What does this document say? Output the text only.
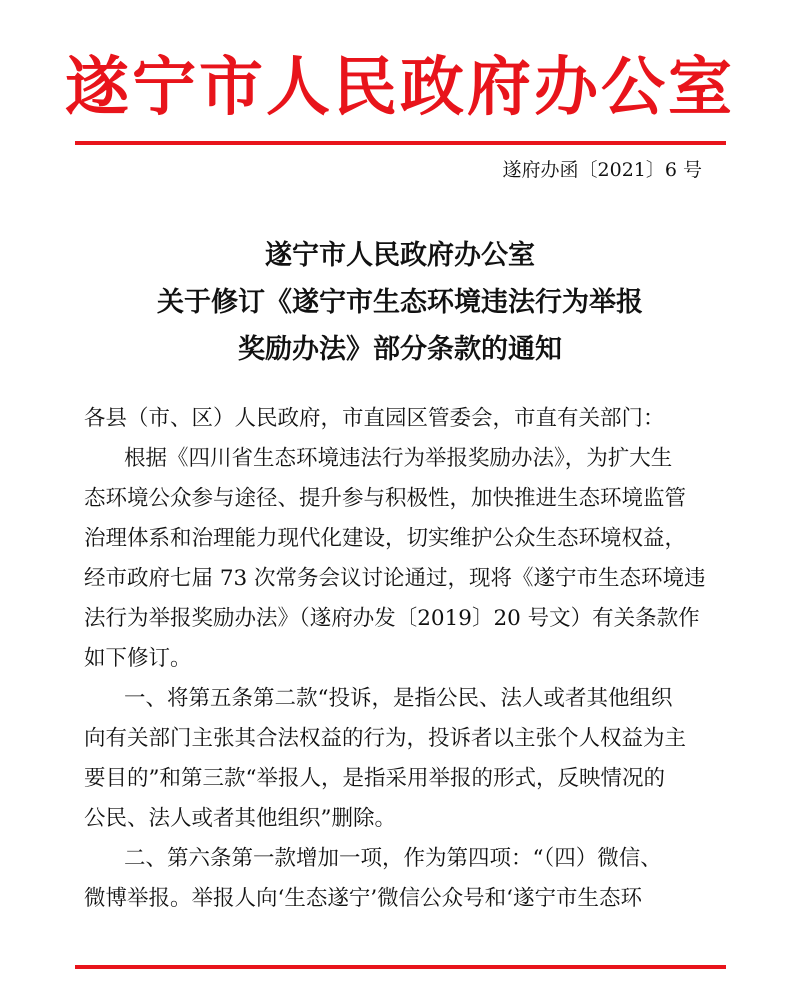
遂宁市人民政府办公室
遂府办函〔2021〕6 号
遂宁市人民政府办公室
关于修订《遂宁市生态环境违法行为举报
奖励办法》部分条款的通知
各县（市、区）人民政府，市直园区管委会，市直有关部门：
根据《四川省生态环境违法行为举报奖励办法》，为扩大生
态环境公众参与途径、提升参与积极性，加快推进生态环境监管
治理体系和治理能力现代化建设，切实维护公众生态环境权益，
经市政府七届 73 次常务会议讨论通过，现将《遂宁市生态环境违
法行为举报奖励办法》（遂府办发〔2019〕20 号文）有关条款作
如下修订。
一、将第五条第二款“投诉，是指公民、法人或者其他组织
向有关部门主张其合法权益的行为，投诉者以主张个人权益为主
要目的”和第三款“举报人，是指采用举报的形式，反映情况的
公民、法人或者其他组织”删除。
二、第六条第一款增加一项，作为第四项：“（四）微信、
微博举报。举报人向‘生态遂宁’微信公众号和‘遂宁市生态环
